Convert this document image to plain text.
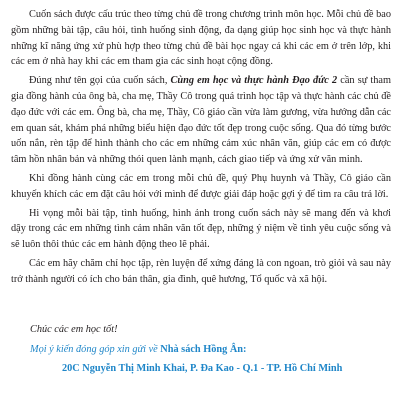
Cuốn sách được cấu trúc theo từng chủ đề trong chương trình môn học. Mỗi chủ đề bao gồm những bài tập, câu hỏi, tình huống sinh động, đa dạng giúp học sinh học và thực hành những kĩ năng ứng xử phù hợp theo từng chủ đề bài học ngay cả khi các em ở trên lớp, khi các em ở nhà hay khi các em tham gia các sinh hoạt cộng đồng.

Đúng như tên gọi của cuốn sách, Cùng em học và thực hành Đạo đức 2 cần sự tham gia đồng hành của ông bà, cha mẹ, Thầy Cô trong quá trình học tập và thực hành các chủ đề đạo đức với các em. Ông bà, cha mẹ, Thầy, Cô giáo cần vừa làm gương, vừa hướng dẫn các em quan sát, khám phá những biểu hiện đạo đức tốt đẹp trong cuộc sống. Qua đó từng bước uốn nắn, rèn tập để hình thành cho các em những cảm xúc nhân văn, giúp các em có được tâm hồn nhân bản và những thói quen lành mạnh, cách giao tiếp và ứng xử văn minh.

Khi đồng hành cùng các em trong mỗi chủ đề, quý Phụ huynh và Thầy, Cô giáo cần khuyến khích các em đặt câu hỏi với mình để được giải đáp hoặc gợi ý để tìm ra câu trả lời.

Hi vọng mỗi bài tập, tình huống, hình ảnh trong cuốn sách này sẽ mang đến và khơi dậy trong các em những tình cảm nhân văn tốt đẹp, những ý niệm về tình yêu cuộc sống và sẽ luôn thôi thúc các em hành động theo lẽ phải.

Các em hãy chăm chỉ học tập, rèn luyện để xứng đáng là con ngoan, trò giỏi và sau này trở thành người có ích cho bản thân, gia đình, quê hương, Tổ quốc và xã hội.

Chúc các em học tốt!
Mọi ý kiến đóng góp xin gửi về Nhà sách Hồng Ân:
20C Nguyễn Thị Minh Khai, P. Đa Kao - Q.1 - TP. Hồ Chí Minh
